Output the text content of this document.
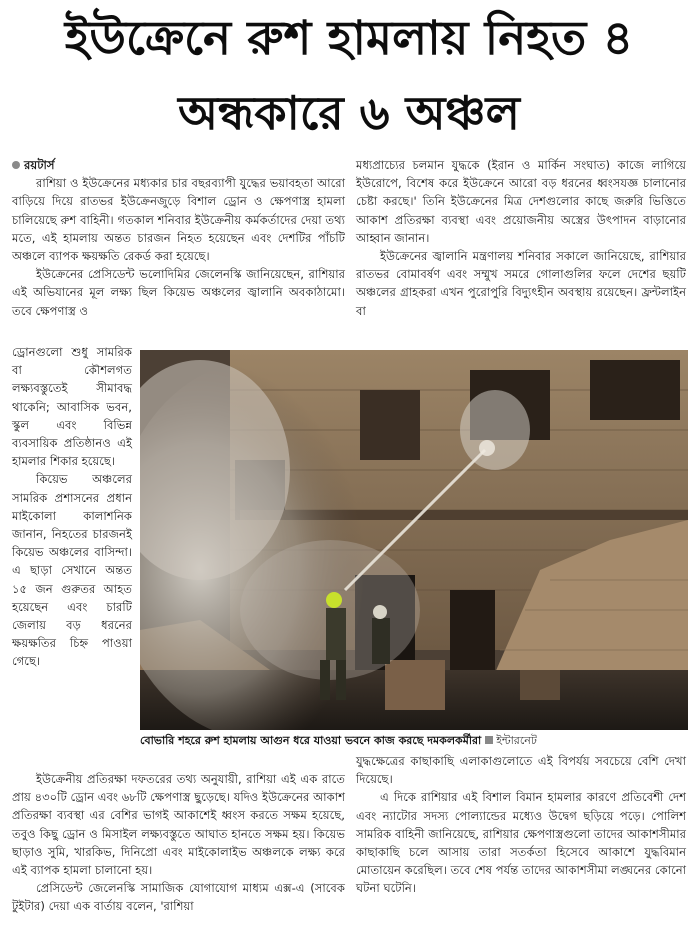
ইউক্রেনে রুশ হামলায় নিহত ৪
অন্ধকারে ৬ অঞ্চল

রয়টার্স

রাশিয়া ও ইউক্রেনের মধ্যকার চার বছরব্যাপী যুদ্ধের ভয়াবহতা আরো বাড়িয়ে দিয়ে রাতভর ইউক্রেনজুড়ে বিশাল ড্রোন ও ক্ষেপণাস্ত্র হামলা চালিয়েছে রুশ বাহিনী। গতকাল শনিবার ইউক্রেনীয় কর্মকর্তাদের দেয়া তথ্য মতে, এই হামলায় অন্তত চারজন নিহত হয়েছেন এবং দেশটির পাঁচটি অঞ্চলে ব্যাপক ক্ষয়ক্ষতি রেকর্ড করা হয়েছে।

ইউক্রেনের প্রেসিডেন্ট ভলোদিমির জেলেনস্কি জানিয়েছেন, রাশিয়ার এই অভিযানের মূল লক্ষ্য ছিল কিয়েভ অঞ্চলের জ্বালানি অবকাঠামো। তবে ক্ষেপণাস্ত্র ও

মধ্যপ্রাচ্যের চলমান যুদ্ধকে (ইরান ও মার্কিন সংঘাত) কাজে লাগিয়ে ইউরোপে, বিশেষ করে ইউক্রেনে আরো বড় ধরনের ধ্বংসযজ্ঞ চালানোর চেষ্টা করছে।' তিনি ইউক্রেনের মিত্র দেশগুলোর কাছে জরুরি ভিত্তিতে আকাশ প্রতিরক্ষা ব্যবস্থা এবং প্রয়োজনীয় অস্ত্রের উৎপাদন বাড়ানোর আহ্বান জানান।

ইউক্রেনের জ্বালানি মন্ত্রণালয় শনিবার সকালে জানিয়েছে, রাশিয়ার রাতভর বোমাবর্ষণ এবং সম্মুখ সমরে গোলাগুলির ফলে দেশের ছয়টি অঞ্চলের গ্রাহকরা এখন পুরোপুরি বিদ্যুৎহীন অবস্থায় রয়েছেন। ফ্রন্টলাইন বা

ড্রোনগুলো শুধু সামরিক বা কৌশলগত লক্ষ্যবস্তুতেই সীমাবদ্ধ থাকেনি; আবাসিক ভবন, স্কুল এবং বিভিন্ন ব্যবসায়িক প্রতিষ্ঠানও এই হামলার শিকার হয়েছে।

কিয়েভ অঞ্চলের সামরিক প্রশাসনের প্রধান মাইকোলা কালাশনিক জানান, নিহতের চারজনই কিয়েভ অঞ্চলের বাসিন্দা। এ ছাড়া সেখানে অন্তত ১৫ জন গুরুতর আহত হয়েছেন এবং চারটি জেলায় বড় ধরনের ক্ষয়ক্ষতির চিহ্ন পাওয়া গেছে।

বোভারি শহরে রুশ হামলায় আগুন ধরে যাওয়া ভবনে কাজ করছে দমকলকর্মীরা ইন্টারনেট

ইউক্রেনীয় প্রতিরক্ষা দফতরের তথ্য অনুযায়ী, রাশিয়া এই এক রাতে প্রায় ৪৩০টি ড্রোন এবং ৬৮টি ক্ষেপণাস্ত্র ছুড়েছে। যদিও ইউক্রেনের আকাশ প্রতিরক্ষা ব্যবস্থা এর বেশির ভাগই আকাশেই ধ্বংস করতে সক্ষম হয়েছে, তবুও কিছু ড্রোন ও মিসাইল লক্ষ্যবস্তুতে আঘাত হানতে সক্ষম হয়। কিয়েভ ছাড়াও সুমি, খারকিভ, দিনিপ্রো এবং মাইকোলাইভ অঞ্চলকে লক্ষ্য করে এই ব্যাপক হামলা চালানো হয়।

প্রেসিডেন্ট জেলেনস্কি সামাজিক যোগাযোগ মাধ্যম এক্স-এ (সাবেক টুইটার) দেয়া এক বার্তায় বলেন, 'রাশিয়া

যুদ্ধক্ষেত্রের কাছাকাছি এলাকাগুলোতে এই বিপর্যয় সবচেয়ে বেশি দেখা দিয়েছে।

এ দিকে রাশিয়ার এই বিশাল বিমান হামলার কারণে প্রতিবেশী দেশ এবং ন্যাটোর সদস্য পোল্যান্ডের মধ্যেও উদ্বেগ ছড়িয়ে পড়ে। পোলিশ সামরিক বাহিনী জানিয়েছে, রাশিয়ার ক্ষেপণাস্ত্রগুলো তাদের আকাশসীমার কাছাকাছি চলে আসায় তারা সতর্কতা হিসেবে আকাশে যুদ্ধবিমান মোতায়েন করেছিল। তবে শেষ পর্যন্ত তাদের আকাশসীমা লঙ্ঘনের কোনো ঘটনা ঘটেনি।
